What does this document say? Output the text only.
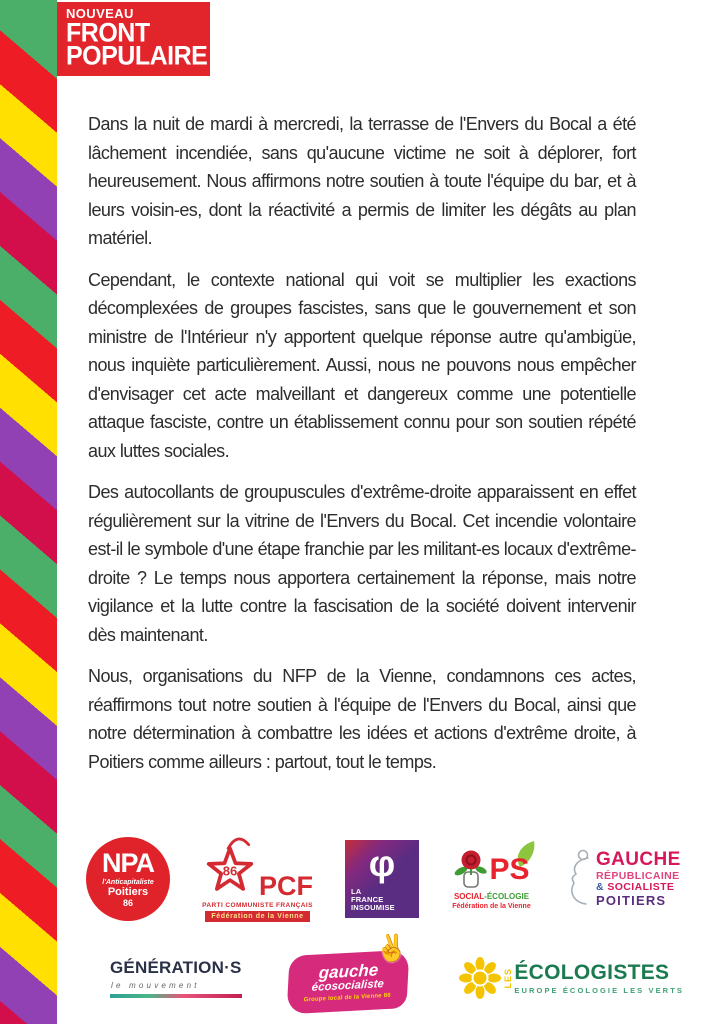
NOUVEAU
FRONT
POPULAIRE

Dans la nuit de mardi à mercredi, la terrasse de l'Envers du Bocal a été lâchement incendiée, sans qu'aucune victime ne soit à déplorer, fort heureusement. Nous affirmons notre soutien à toute l'équipe du bar, et à leurs voisin-es, dont la réactivité a permis de limiter les dégâts au plan matériel.

Cependant, le contexte national qui voit se multiplier les exactions décomplexées de groupes fascistes, sans que le gouvernement et son ministre de l'Intérieur n'y apportent quelque réponse autre qu'ambigüe, nous inquiète particulièrement. Aussi, nous ne pouvons nous empêcher d'envisager cet acte malveillant et dangereux comme une potentielle attaque fasciste, contre un établissement connu pour son soutien répété aux luttes sociales.

Des autocollants de groupuscules d'extrême-droite apparaissent en effet régulièrement sur la vitrine de l'Envers du Bocal. Cet incendie volontaire est-il le symbole d'une étape franchie par les militant-es locaux d'extrême-droite ? Le temps nous apportera certainement la réponse, mais notre vigilance et la lutte contre la fascisation de la société doivent intervenir dès maintenant.

Nous, organisations du NFP de la Vienne, condamnons ces actes, réaffirmons tout notre soutien à l'équipe de l'Envers du Bocal, ainsi que notre détermination à combattre les idées et actions d'extrême droite, à Poitiers comme ailleurs : partout, tout le temps.

NPA
l'Anticapitaliste
Poitiers
86
86
PCF
PARTI COMMUNISTE FRANÇAIS
Fédération de la Vienne
φ
LA
FRANCE
INSOUMISE
PS
SOCIAL-ÉCOLOGIE
Fédération de la Vienne
GAUCHE
RÉPUBLICAINE
& SOCIALISTE
POITIERS
GÉNÉRATION·S
le mouvement
gauche
écosocialiste
Groupe local de la Vienne 86
✌
LES ÉCOLOGISTES
EUROPE ÉCOLOGIE LES VERTS
